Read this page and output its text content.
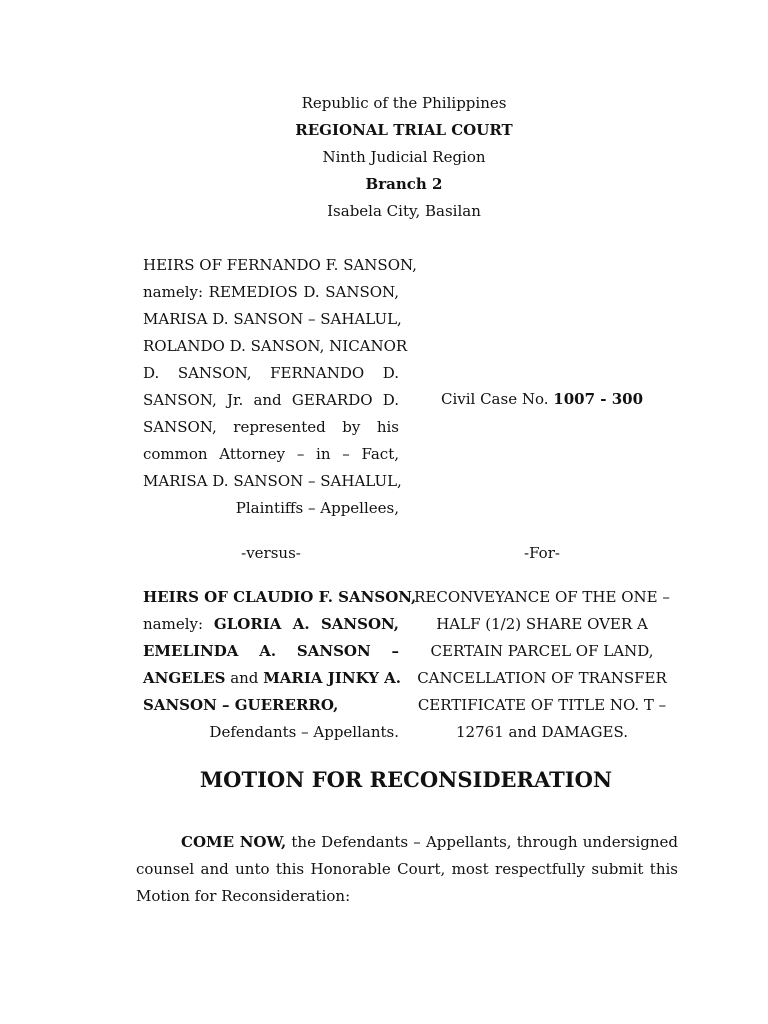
Republic of the Philippines
REGIONAL TRIAL COURT
Ninth Judicial Region
Branch 2
Isabela City, Basilan
HEIRS OF FERNANDO F. SANSON,
namely: REMEDIOS D. SANSON,
MARISA D. SANSON – SAHALUL,
ROLANDO D. SANSON, NICANOR
D. SANSON, FERNANDO D.
SANSON, Jr. and GERARDO D.
SANSON, represented by his
common Attorney – in – Fact,
MARISA D. SANSON – SAHALUL,
Plaintiffs – Appellees,
Civil Case No. 1007 - 300
-versus-	-For-
HEIRS OF CLAUDIO F. SANSON,
namely: GLORIA A. SANSON,
EMELINDA A. SANSON –
ANGELES and MARIA JINKY A.
SANSON – GUERERRO,
Defendants – Appellants.
RECONVEYANCE OF THE ONE –
HALF (1/2) SHARE OVER A
CERTAIN PARCEL OF LAND,
CANCELLATION OF TRANSFER
CERTIFICATE OF TITLE NO. T –
12761 and DAMAGES.
MOTION FOR RECONSIDERATION
COME NOW, the Defendants – Appellants, through undersigned
counsel and unto this Honorable Court, most respectfully submit this
Motion for Reconsideration:
